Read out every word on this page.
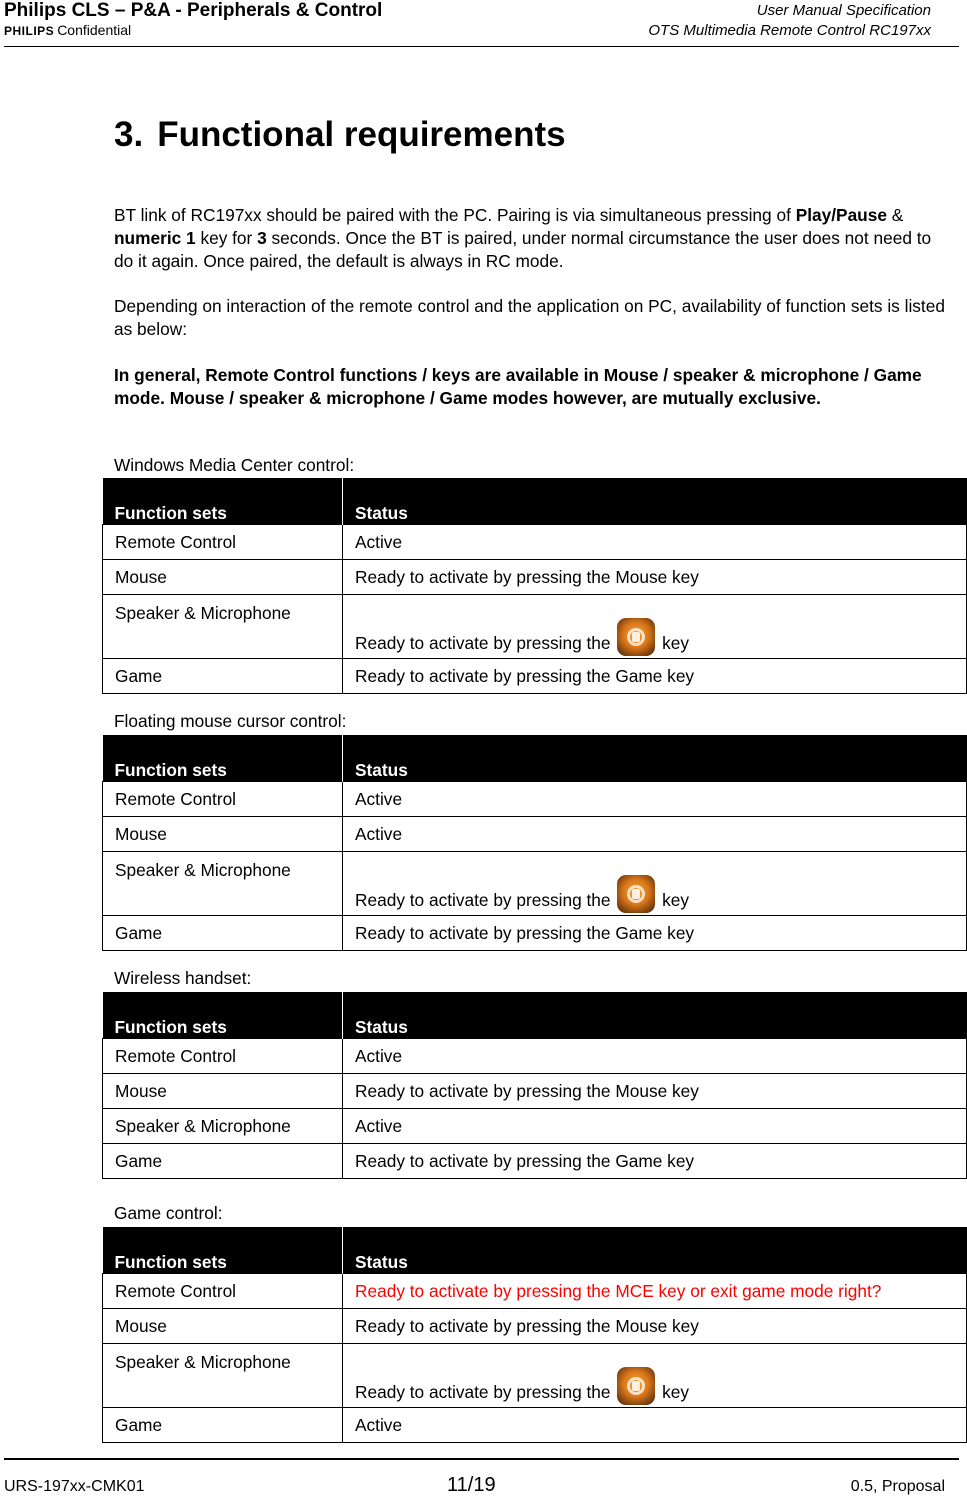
Philips CLS – P&A - Peripherals & Control	User Manual Specification
PHILIPS Confidential	OTS Multimedia Remote Control RC197xx
3. Functional requirements

BT link of RC197xx should be paired with the PC. Pairing is via simultaneous pressing of Play/Pause & numeric 1 key for 3 seconds. Once the BT is paired, under normal circumstance the user does not need to do it again. Once paired, the default is always in RC mode.

Depending on interaction of the remote control and the application on PC, availability of function sets is listed as below:

In general, Remote Control functions / keys are available in Mouse / speaker & microphone / Game mode. Mouse / speaker & microphone / Game modes however, are mutually exclusive.

Windows Media Center control:
Function sets	Status
Remote Control	Active
Mouse	Ready to activate by pressing the Mouse key
Speaker & Microphone	Ready to activate by pressing the key
Game	Ready to activate by pressing the Game key
Floating mouse cursor control:
Function sets	Status
Remote Control	Active
Mouse	Active
Speaker & Microphone	Ready to activate by pressing the key
Game	Ready to activate by pressing the Game key
Wireless handset:
Function sets	Status
Remote Control	Active
Mouse	Ready to activate by pressing the Mouse key
Speaker & Microphone	Active
Game	Ready to activate by pressing the Game key
Game control:
Function sets	Status
Remote Control	Ready to activate by pressing the MCE key or exit game mode right?
Mouse	Ready to activate by pressing the Mouse key
Speaker & Microphone	Ready to activate by pressing the key
Game	Active
URS-197xx-CMK01	11/19	0.5, Proposal
